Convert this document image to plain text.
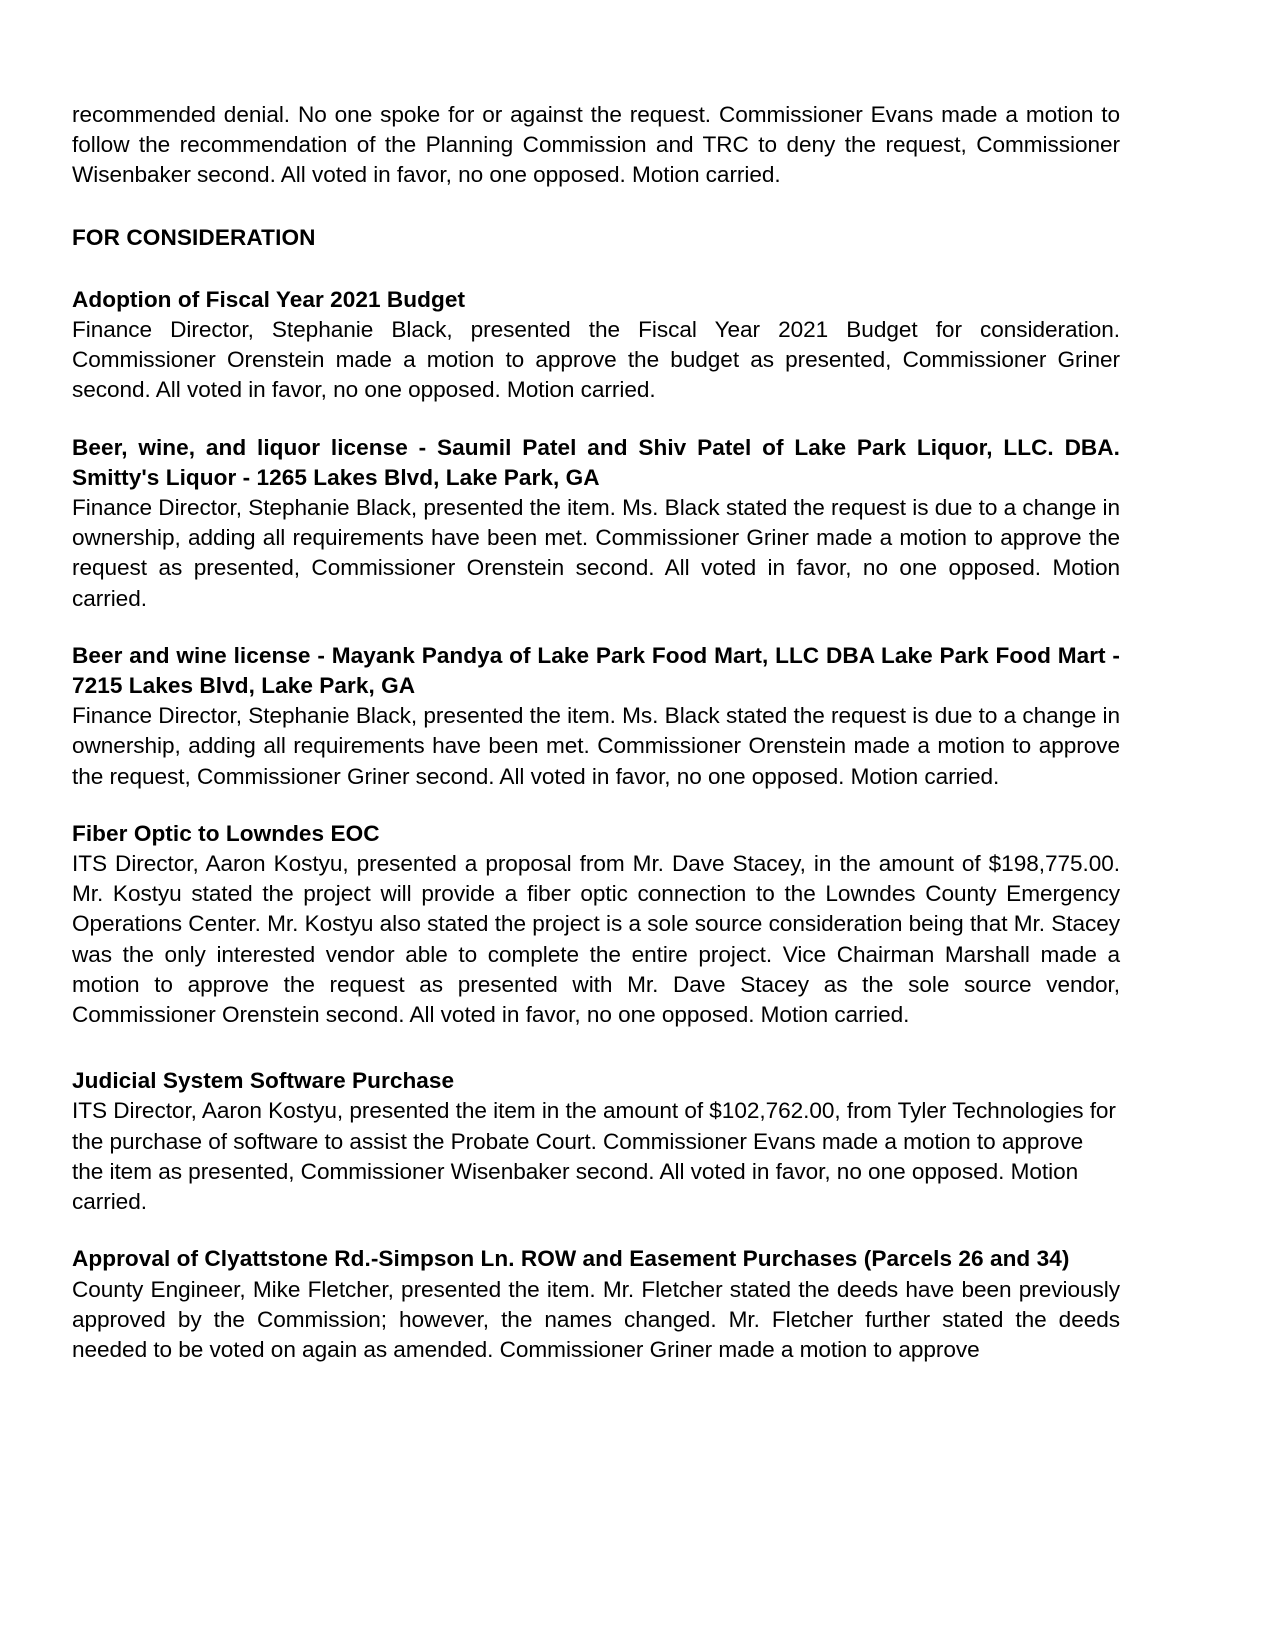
recommended denial. No one spoke for or against the request. Commissioner Evans made a motion to follow the recommendation of the Planning Commission and TRC to deny the request, Commissioner Wisenbaker second. All voted in favor, no one opposed. Motion carried.

FOR CONSIDERATION
Adoption of Fiscal Year 2021 Budget

Finance Director, Stephanie Black, presented the Fiscal Year 2021 Budget for consideration. Commissioner Orenstein made a motion to approve the budget as presented, Commissioner Griner second. All voted in favor, no one opposed. Motion carried.

Beer, wine, and liquor license - Saumil Patel and Shiv Patel of Lake Park Liquor, LLC. DBA. Smitty's Liquor - 1265 Lakes Blvd, Lake Park, GA

Finance Director, Stephanie Black, presented the item. Ms. Black stated the request is due to a change in ownership, adding all requirements have been met. Commissioner Griner made a motion to approve the request as presented, Commissioner Orenstein second. All voted in favor, no one opposed. Motion carried.

Beer and wine license - Mayank Pandya of Lake Park Food Mart, LLC DBA Lake Park Food Mart - 7215 Lakes Blvd, Lake Park, GA

Finance Director, Stephanie Black, presented the item. Ms. Black stated the request is due to a change in ownership, adding all requirements have been met. Commissioner Orenstein made a motion to approve the request, Commissioner Griner second. All voted in favor, no one opposed. Motion carried.

Fiber Optic to Lowndes EOC

ITS Director, Aaron Kostyu, presented a proposal from Mr. Dave Stacey, in the amount of $198,775.00. Mr. Kostyu stated the project will provide a fiber optic connection to the Lowndes County Emergency Operations Center. Mr. Kostyu also stated the project is a sole source consideration being that Mr. Stacey was the only interested vendor able to complete the entire project. Vice Chairman Marshall made a motion to approve the request as presented with Mr. Dave Stacey as the sole source vendor, Commissioner Orenstein second. All voted in favor, no one opposed. Motion carried.

Judicial System Software Purchase

ITS Director, Aaron Kostyu, presented the item in the amount of $102,762.00, from Tyler Technologies for the purchase of software to assist the Probate Court. Commissioner Evans made a motion to approve the item as presented, Commissioner Wisenbaker second. All voted in favor, no one opposed. Motion carried.

Approval of Clyattstone Rd.-Simpson Ln. ROW and Easement Purchases (Parcels 26 and 34)

County Engineer, Mike Fletcher, presented the item. Mr. Fletcher stated the deeds have been previously approved by the Commission; however, the names changed. Mr. Fletcher further stated the deeds needed to be voted on again as amended. Commissioner Griner made a motion to approve
